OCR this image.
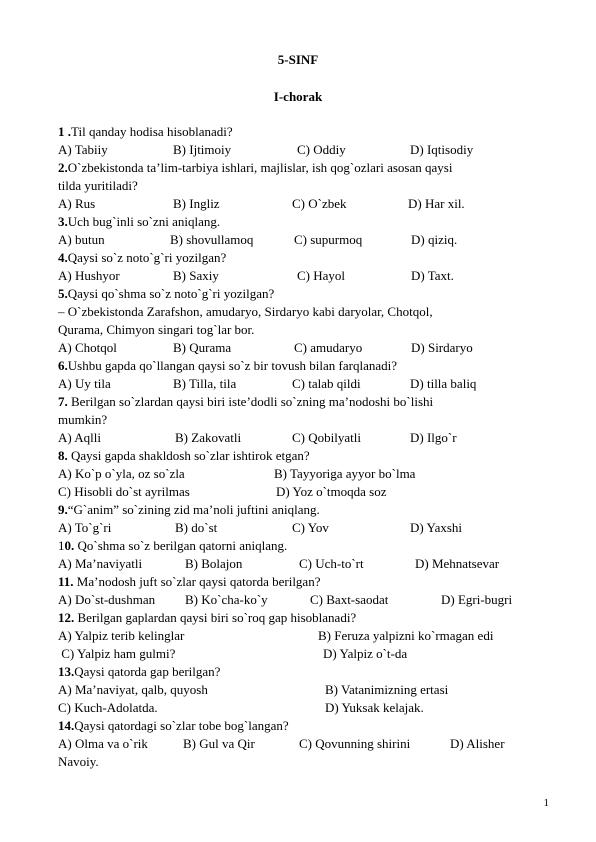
5-SINF
I-chorak
1 .Til qanday hodisa hisoblanadi?
A) Tabiiy	B) Ijtimoiy	C) Oddiy	D) Iqtisodiy
2.O`zbekistonda ta’lim-tarbiya ishlari, majlislar, ish qog`ozlari asosan qaysi
tilda yuritiladi?
A) Rus	B) Ingliz	C) O`zbek	D) Har xil.
3.Uch bug`inli so`zni aniqlang.
A) butun	B) shovullamoq	C) supurmoq	D) qiziq.
4.Qaysi so`z noto`g`ri yozilgan?
A) Hushyor	B) Saxiy	C) Hayol	D) Taxt.
5.Qaysi qo`shma so`z noto`g`ri yozilgan?
– O`zbekistonda Zarafshon, amudaryo, Sirdaryo kabi daryolar, Chotqol,
Qurama, Chimyon singari tog`lar bor.
A) Chotqol	B) Qurama	C) amudaryo	D) Sirdaryo
6.Ushbu gapda qo`llangan qaysi so`z bir tovush bilan farqlanadi?
A) Uy tila	B) Tilla, tila	C) talab qildi	D) tilla baliq
7. Berilgan so`zlardan qaysi biri iste’dodli so`zning ma’nodoshi bo`lishi
mumkin?
A) Aqlli	B) Zakovatli	C) Qobilyatli	D) Ilgo`r
8. Qaysi gapda shakldosh so`zlar ishtirok etgan?
A) Ko`p o`yla, oz so`zla	B) Tayyoriga ayyor bo`lma
C) Hisobli do`st ayrilmas	D) Yoz o`tmoqda soz
9.“G`anim” so`zining zid ma’noli juftini aniqlang.
A) To`g`ri	B) do`st	C) Yov	D) Yaxshi
10. Qo`shma so`z berilgan qatorni aniqlang.
A) Ma’naviyatli	B) Bolajon	C) Uch-to`rt	D) Mehnatsevar
11. Ma’nodosh juft so`zlar qaysi qatorda berilgan?
A) Do`st-dushman B) Ko`cha-ko`y	C) Baxt-saodat	D) Egri-bugri
12. Berilgan gaplardan qaysi biri so`roq gap hisoblanadi?
A) Yalpiz terib kelinglar	B) Feruza yalpizni ko`rmagan edi
C) Yalpiz ham gulmi?	D) Yalpiz o`t-da
13.Qaysi qatorda gap berilgan?
A) Ma’naviyat, qalb, quyosh	B) Vatanimizning ertasi
C) Kuch-Adolatda.	D) Yuksak kelajak.
14.Qaysi qatordagi so`zlar tobe bog`langan?
A) Olma va o`rik	B) Gul va Qir	C) Qovunning shirini	D) Alisher
Navoiy.
1
